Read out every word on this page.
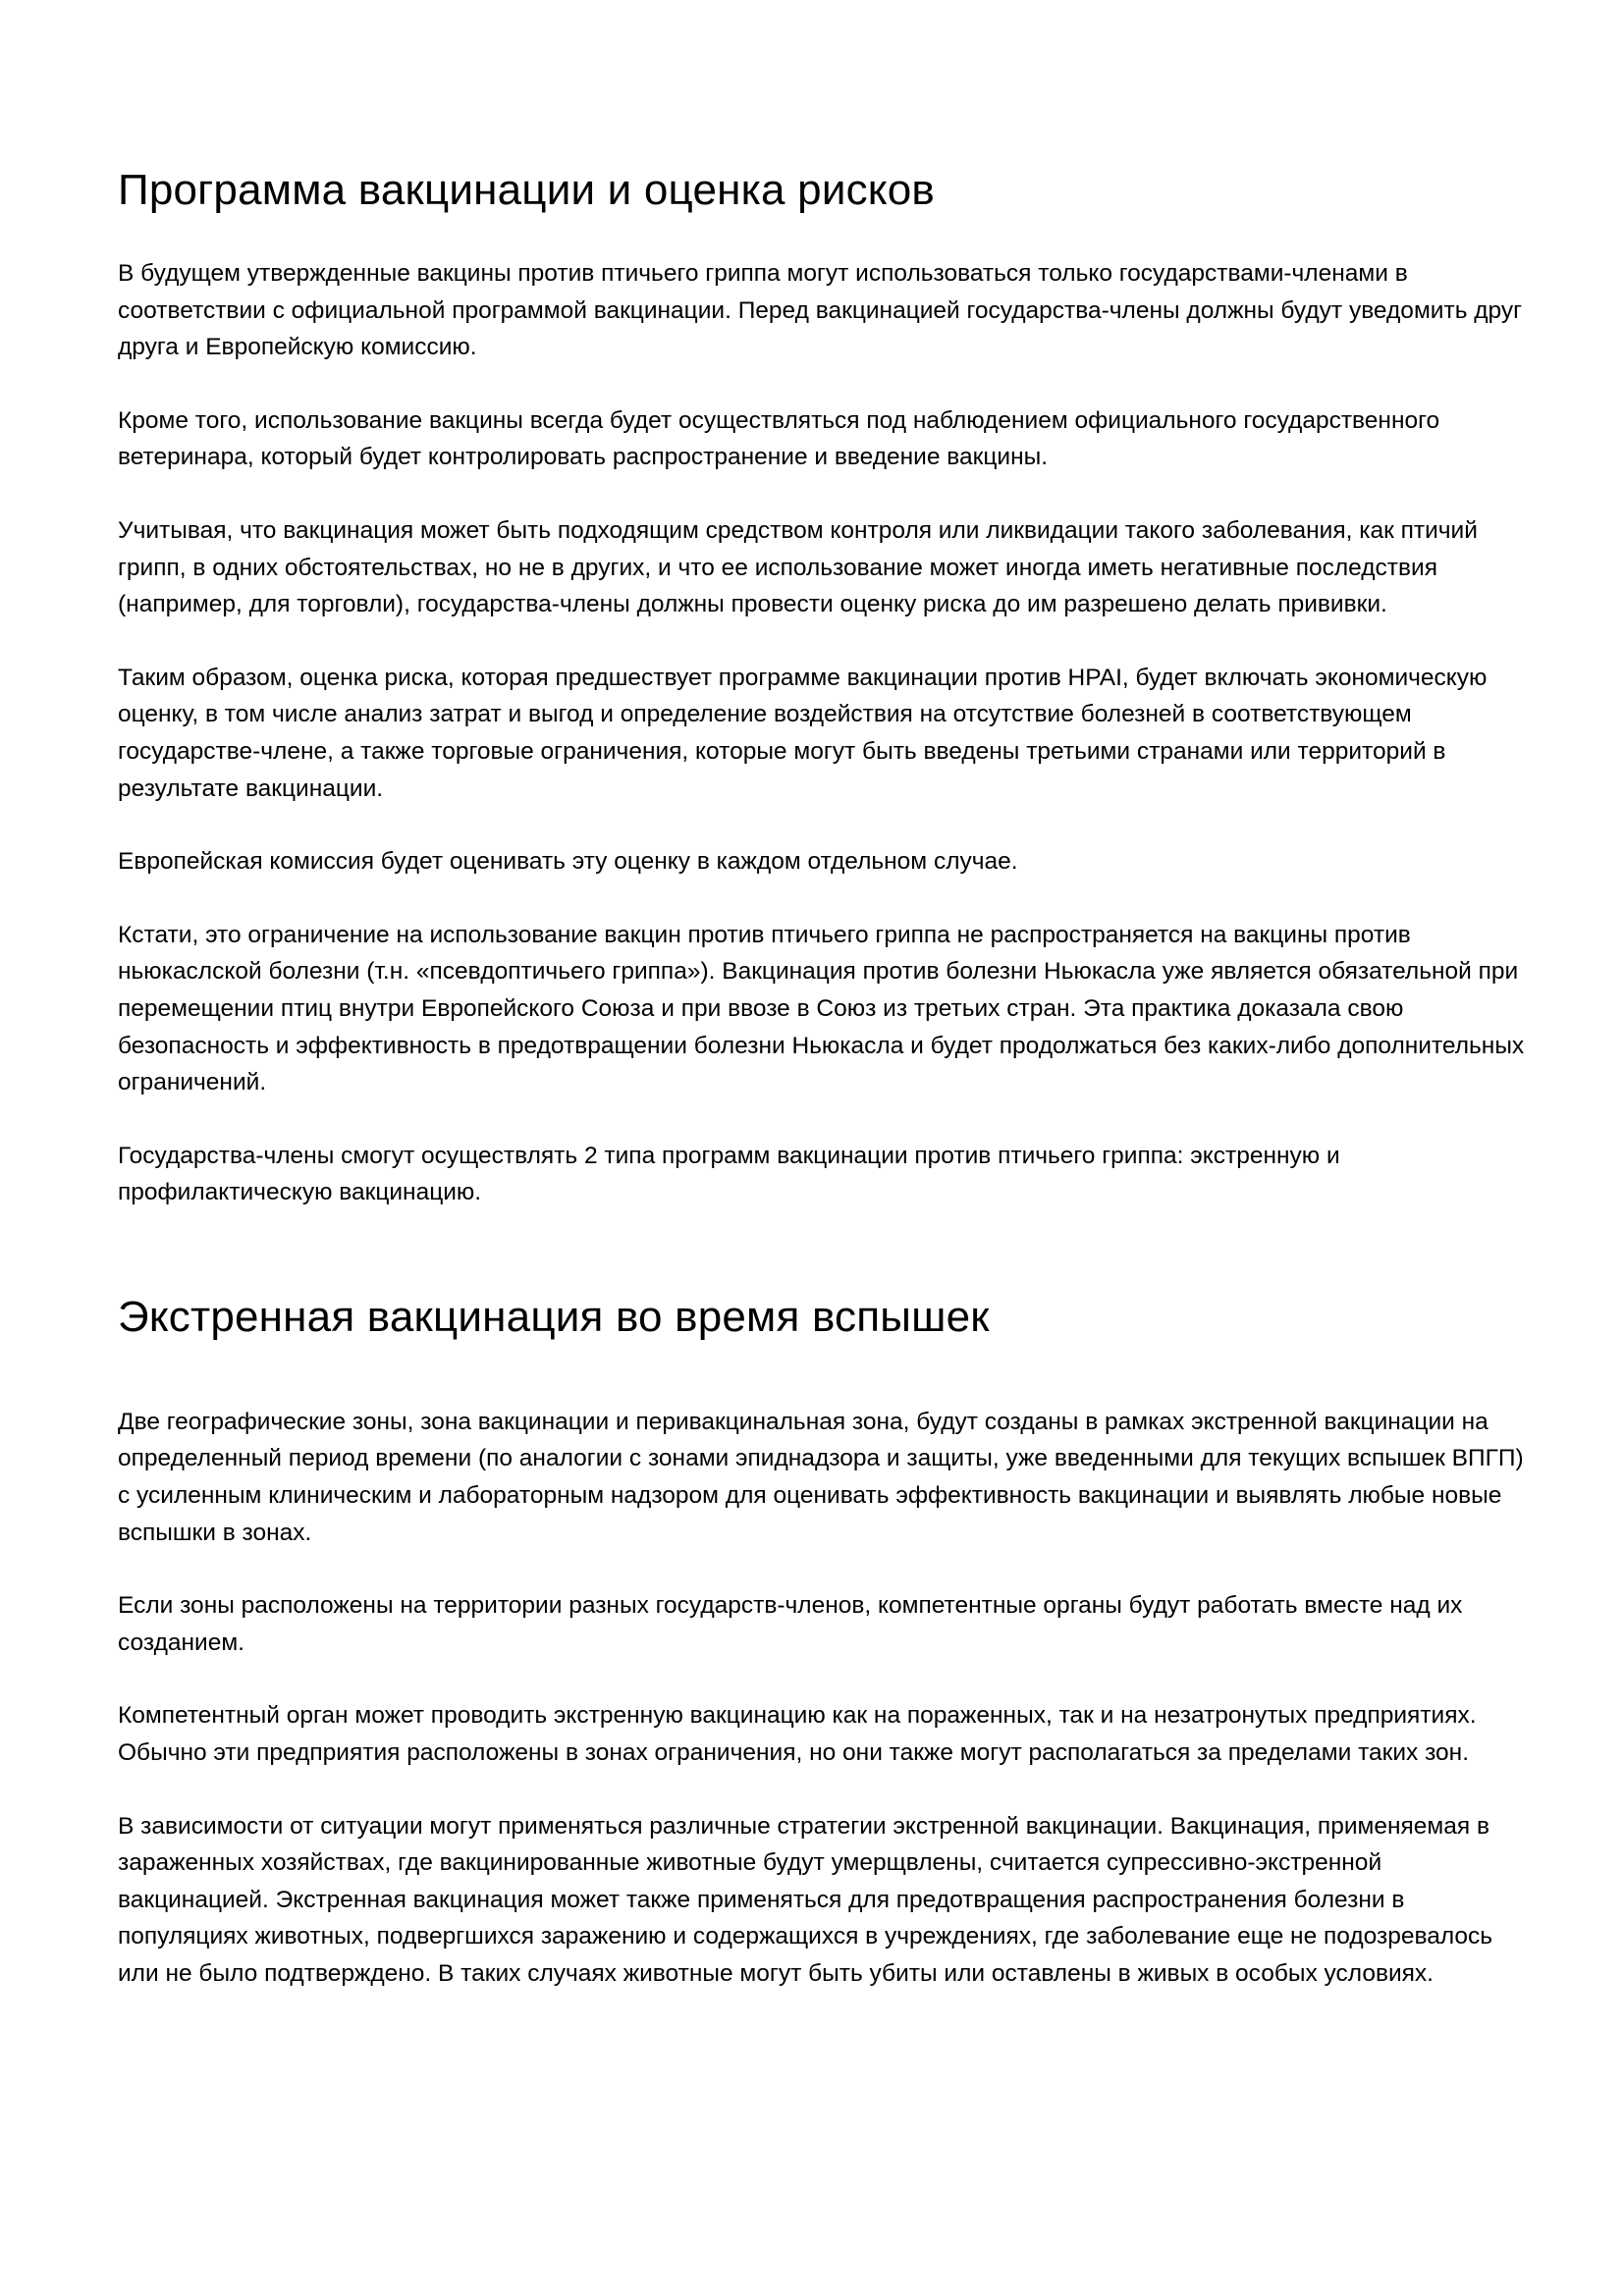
Программа вакцинации и оценка рисков

В будущем утвержденные вакцины против птичьего гриппа могут использоваться только государствами-членами в соответствии с официальной программой вакцинации. Перед вакцинацией государства-члены должны будут уведомить друг друга и Европейскую комиссию.

Кроме того, использование вакцины всегда будет осуществляться под наблюдением официального государственного ветеринара, который будет контролировать распространение и введение вакцины.

Учитывая, что вакцинация может быть подходящим средством контроля или ликвидации такого заболевания, как птичий грипп, в одних обстоятельствах, но не в других, и что ее использование может иногда иметь негативные последствия (например, для торговли), государства-члены должны провести оценку риска до им разрешено делать прививки.

Таким образом, оценка риска, которая предшествует программе вакцинации против HPAI, будет включать экономическую оценку, в том числе анализ затрат и выгод и определение воздействия на отсутствие болезней в соответствующем государстве-члене, а также торговые ограничения, которые могут быть введены третьими странами или территорий в результате вакцинации.

Европейская комиссия будет оценивать эту оценку в каждом отдельном случае.

Кстати, это ограничение на использование вакцин против птичьего гриппа не распространяется на вакцины против ньюкаслской болезни (т.н. «псевдоптичьего гриппа»). Вакцинация против болезни Ньюкасла уже является обязательной при перемещении птиц внутри Европейского Союза и при ввозе в Союз из третьих стран. Эта практика доказала свою безопасность и эффективность в предотвращении болезни Ньюкасла и будет продолжаться без каких-либо дополнительных ограничений.

Государства-члены смогут осуществлять 2 типа программ вакцинации против птичьего гриппа: экстренную и профилактическую вакцинацию.

Экстренная вакцинация во время вспышек

Две географические зоны, зона вакцинации и перивакцинальная зона, будут созданы в рамках экстренной вакцинации на определенный период времени (по аналогии с зонами эпиднадзора и защиты, уже введенными для текущих вспышек ВПГП) с усиленным клиническим и лабораторным надзором для оценивать эффективность вакцинации и выявлять любые новые вспышки в зонах.

Если зоны расположены на территории разных государств-членов, компетентные органы будут работать вместе над их созданием.

Компетентный орган может проводить экстренную вакцинацию как на пораженных, так и на незатронутых предприятиях. Обычно эти предприятия расположены в зонах ограничения, но они также могут располагаться за пределами таких зон.

В зависимости от ситуации могут применяться различные стратегии экстренной вакцинации. Вакцинация, применяемая в зараженных хозяйствах, где вакцинированные животные будут умерщвлены, считается супрессивно-экстренной вакцинацией. Экстренная вакцинация может также применяться для предотвращения распространения болезни в популяциях животных, подвергшихся заражению и содержащихся в учреждениях, где заболевание еще не подозревалось или не было подтверждено. В таких случаях животные могут быть убиты или оставлены в живых в особых условиях.
